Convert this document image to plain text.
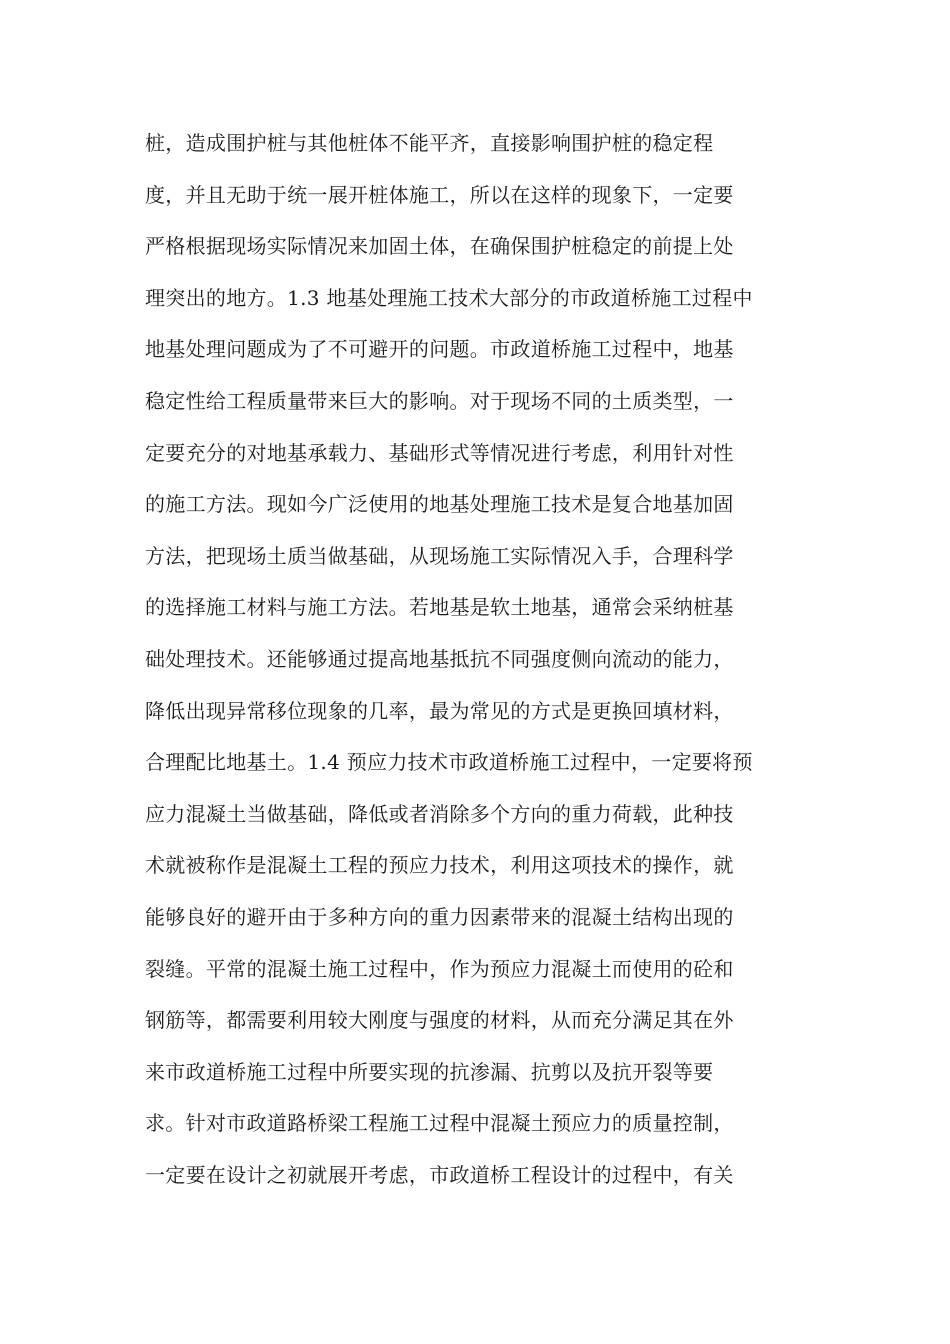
桩，造成围护桩与其他桩体不能平齐，直接影响围护桩的稳定程
度，并且无助于统一展开桩体施工，所以在这样的现象下，一定要
严格根据现场实际情况来加固土体，在确保围护桩稳定的前提上处
理突出的地方。1.3 地基处理施工技术大部分的市政道桥施工过程中
地基处理问题成为了不可避开的问题。市政道桥施工过程中，地基
稳定性给工程质量带来巨大的影响。对于现场不同的土质类型，一
定要充分的对地基承载力、基础形式等情况进行考虑，利用针对性
的施工方法。现如今广泛使用的地基处理施工技术是复合地基加固
方法，把现场土质当做基础，从现场施工实际情况入手，合理科学
的选择施工材料与施工方法。若地基是软土地基，通常会采纳桩基
础处理技术。还能够通过提高地基抵抗不同强度侧向流动的能力，
降低出现异常移位现象的几率，最为常见的方式是更换回填材料，
合理配比地基土。1.4 预应力技术市政道桥施工过程中，一定要将预
应力混凝土当做基础，降低或者消除多个方向的重力荷载，此种技
术就被称作是混凝土工程的预应力技术，利用这项技术的操作，就
能够良好的避开由于多种方向的重力因素带来的混凝土结构出现的
裂缝。平常的混凝土施工过程中，作为预应力混凝土而使用的砼和
钢筋等，都需要利用较大刚度与强度的材料，从而充分满足其在外
来市政道桥施工过程中所要实现的抗渗漏、抗剪以及抗开裂等要
求。针对市政道路桥梁工程施工过程中混凝土预应力的质量控制，
一定要在设计之初就展开考虑，市政道桥工程设计的过程中，有关
